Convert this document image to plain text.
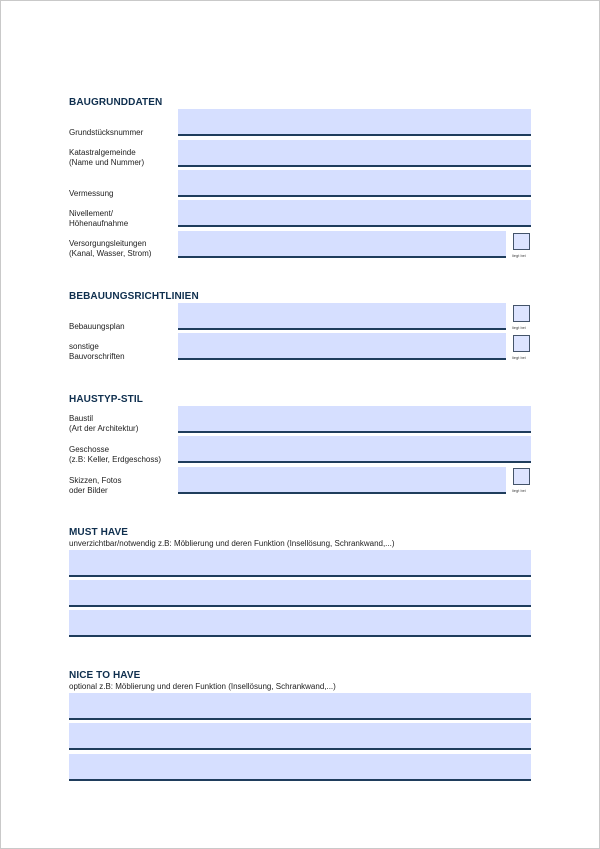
BAUGRUNDDATEN
Grundstücksnummer
Katastralgemeinde
(Name und Nummer)
Vermessung
Nivellement/
Höhenaufnahme
Versorgungsleitungen
(Kanal, Wasser, Strom)	liegt bei
BEBAUUNGSRICHTLINIEN
Bebauungsplan	liegt bei
sonstige
Bauvorschriften	liegt bei
HAUSTYP-STIL
Baustil
(Art der Architektur)
Geschosse
(z.B: Keller, Erdgeschoss)
Skizzen, Fotos
oder Bilder	liegt bei
MUST HAVE
unverzichtbar/notwendig z.B: Möblierung und deren Funktion (Insellösung, Schrankwand,...)
NICE TO HAVE
optional z.B: Möblierung und deren Funktion (Insellösung, Schrankwand,...)
